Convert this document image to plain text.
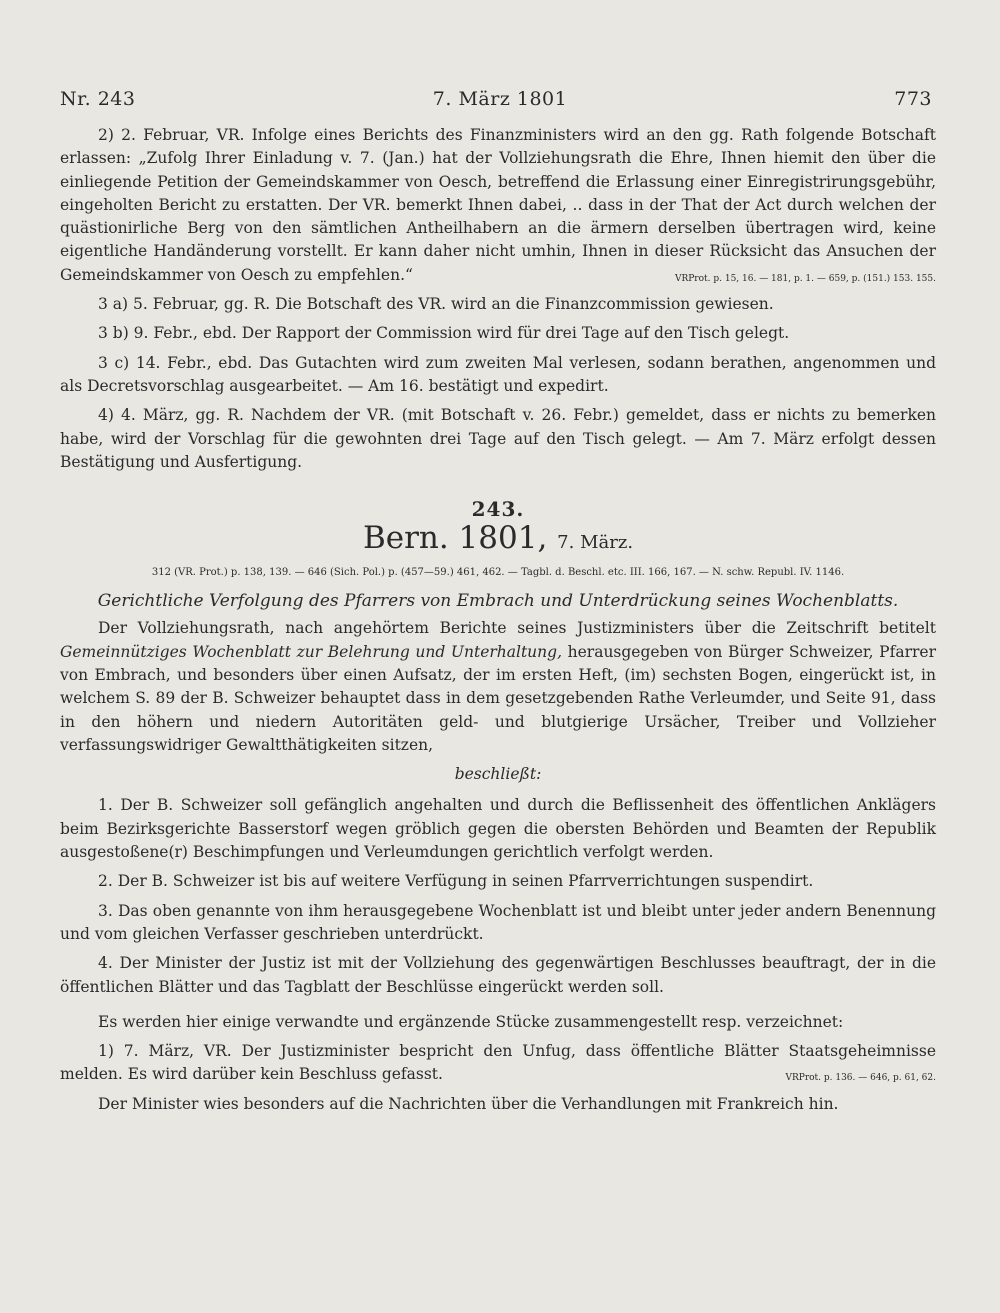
Nr. 243	7. März 1801	773

2) 2. Februar, VR. Infolge eines Berichts des Finanzministers wird an den gg. Rath folgende Botschaft erlassen: „Zufolg Ihrer Einladung v. 7. (Jan.) hat der Vollziehungsrath die Ehre, Ihnen hiemit den über die einliegende Petition der Gemeindskammer von Oesch, betreffend die Erlassung einer Einregistrirungsgebühr, eingeholten Bericht zu erstatten. Der VR. bemerkt Ihnen dabei, .. dass in der That der Act durch welchen der quästionirliche Berg von den sämtlichen Antheilhabern an die ärmern derselben übertragen wird, keine eigentliche Handänderung vorstellt. Er kann daher nicht umhin, Ihnen in dieser Rücksicht das Ansuchen der Gemeindskammer von Oesch zu empfehlen.“	VRProt. p. 15, 16. — 181, p. 1. — 659, p. (151.) 153. 155.

3 a) 5. Februar, gg. R. Die Botschaft des VR. wird an die Finanzcommission gewiesen.

3 b) 9. Febr., ebd. Der Rapport der Commission wird für drei Tage auf den Tisch gelegt.

3 c) 14. Febr., ebd. Das Gutachten wird zum zweiten Mal verlesen, sodann berathen, angenommen und als Decretsvorschlag ausgearbeitet. — Am 16. bestätigt und expedirt.

4) 4. März, gg. R. Nachdem der VR. (mit Botschaft v. 26. Febr.) gemeldet, dass er nichts zu bemerken habe, wird der Vorschlag für die gewohnten drei Tage auf den Tisch gelegt. — Am 7. März erfolgt dessen Bestätigung und Ausfertigung.

243.
Bern. 1801, 7. März.
312 (VR. Prot.) p. 138, 139. — 646 (Sich. Pol.) p. (457—59.) 461, 462. — Tagbl. d. Beschl. etc. III. 166, 167. — N. schw. Republ. IV. 1146.
Gerichtliche Verfolgung des Pfarrers von Embrach und Unterdrückung seines Wochenblatts.

Der Vollziehungsrath, nach angehörtem Berichte seines Justizministers über die Zeitschrift betitelt Gemeinnütziges Wochenblatt zur Belehrung und Unterhaltung, herausgegeben von Bürger Schweizer, Pfarrer von Embrach, und besonders über einen Aufsatz, der im ersten Heft, (im) sechsten Bogen, eingerückt ist, in welchem S. 89 der B. Schweizer behauptet dass in dem gesetzgebenden Rathe Verleumder, und Seite 91, dass in den höhern und niedern Autoritäten geld- und blutgierige Ursächer, Treiber und Vollzieher verfassungswidriger Gewaltthätigkeiten sitzen,

beschließt:

1. Der B. Schweizer soll gefänglich angehalten und durch die Beflissenheit des öffentlichen Anklägers beim Bezirksgerichte Basserstorf wegen gröblich gegen die obersten Behörden und Beamten der Republik ausgestoßene(r) Beschimpfungen und Verleumdungen gerichtlich verfolgt werden.

2. Der B. Schweizer ist bis auf weitere Verfügung in seinen Pfarrverrichtungen suspendirt.

3. Das oben genannte von ihm herausgegebene Wochenblatt ist und bleibt unter jeder andern Benennung und vom gleichen Verfasser geschrieben unterdrückt.

4. Der Minister der Justiz ist mit der Vollziehung des gegenwärtigen Beschlusses beauftragt, der in die öffentlichen Blätter und das Tagblatt der Beschlüsse eingerückt werden soll.

Es werden hier einige verwandte und ergänzende Stücke zusammengestellt resp. verzeichnet:

1) 7. März, VR. Der Justizminister bespricht den Unfug, dass öffentliche Blätter Staatsgeheimnisse melden. Es wird darüber kein Beschluss gefasst.	VRProt. p. 136. — 646, p. 61, 62.

Der Minister wies besonders auf die Nachrichten über die Verhandlungen mit Frankreich hin.
